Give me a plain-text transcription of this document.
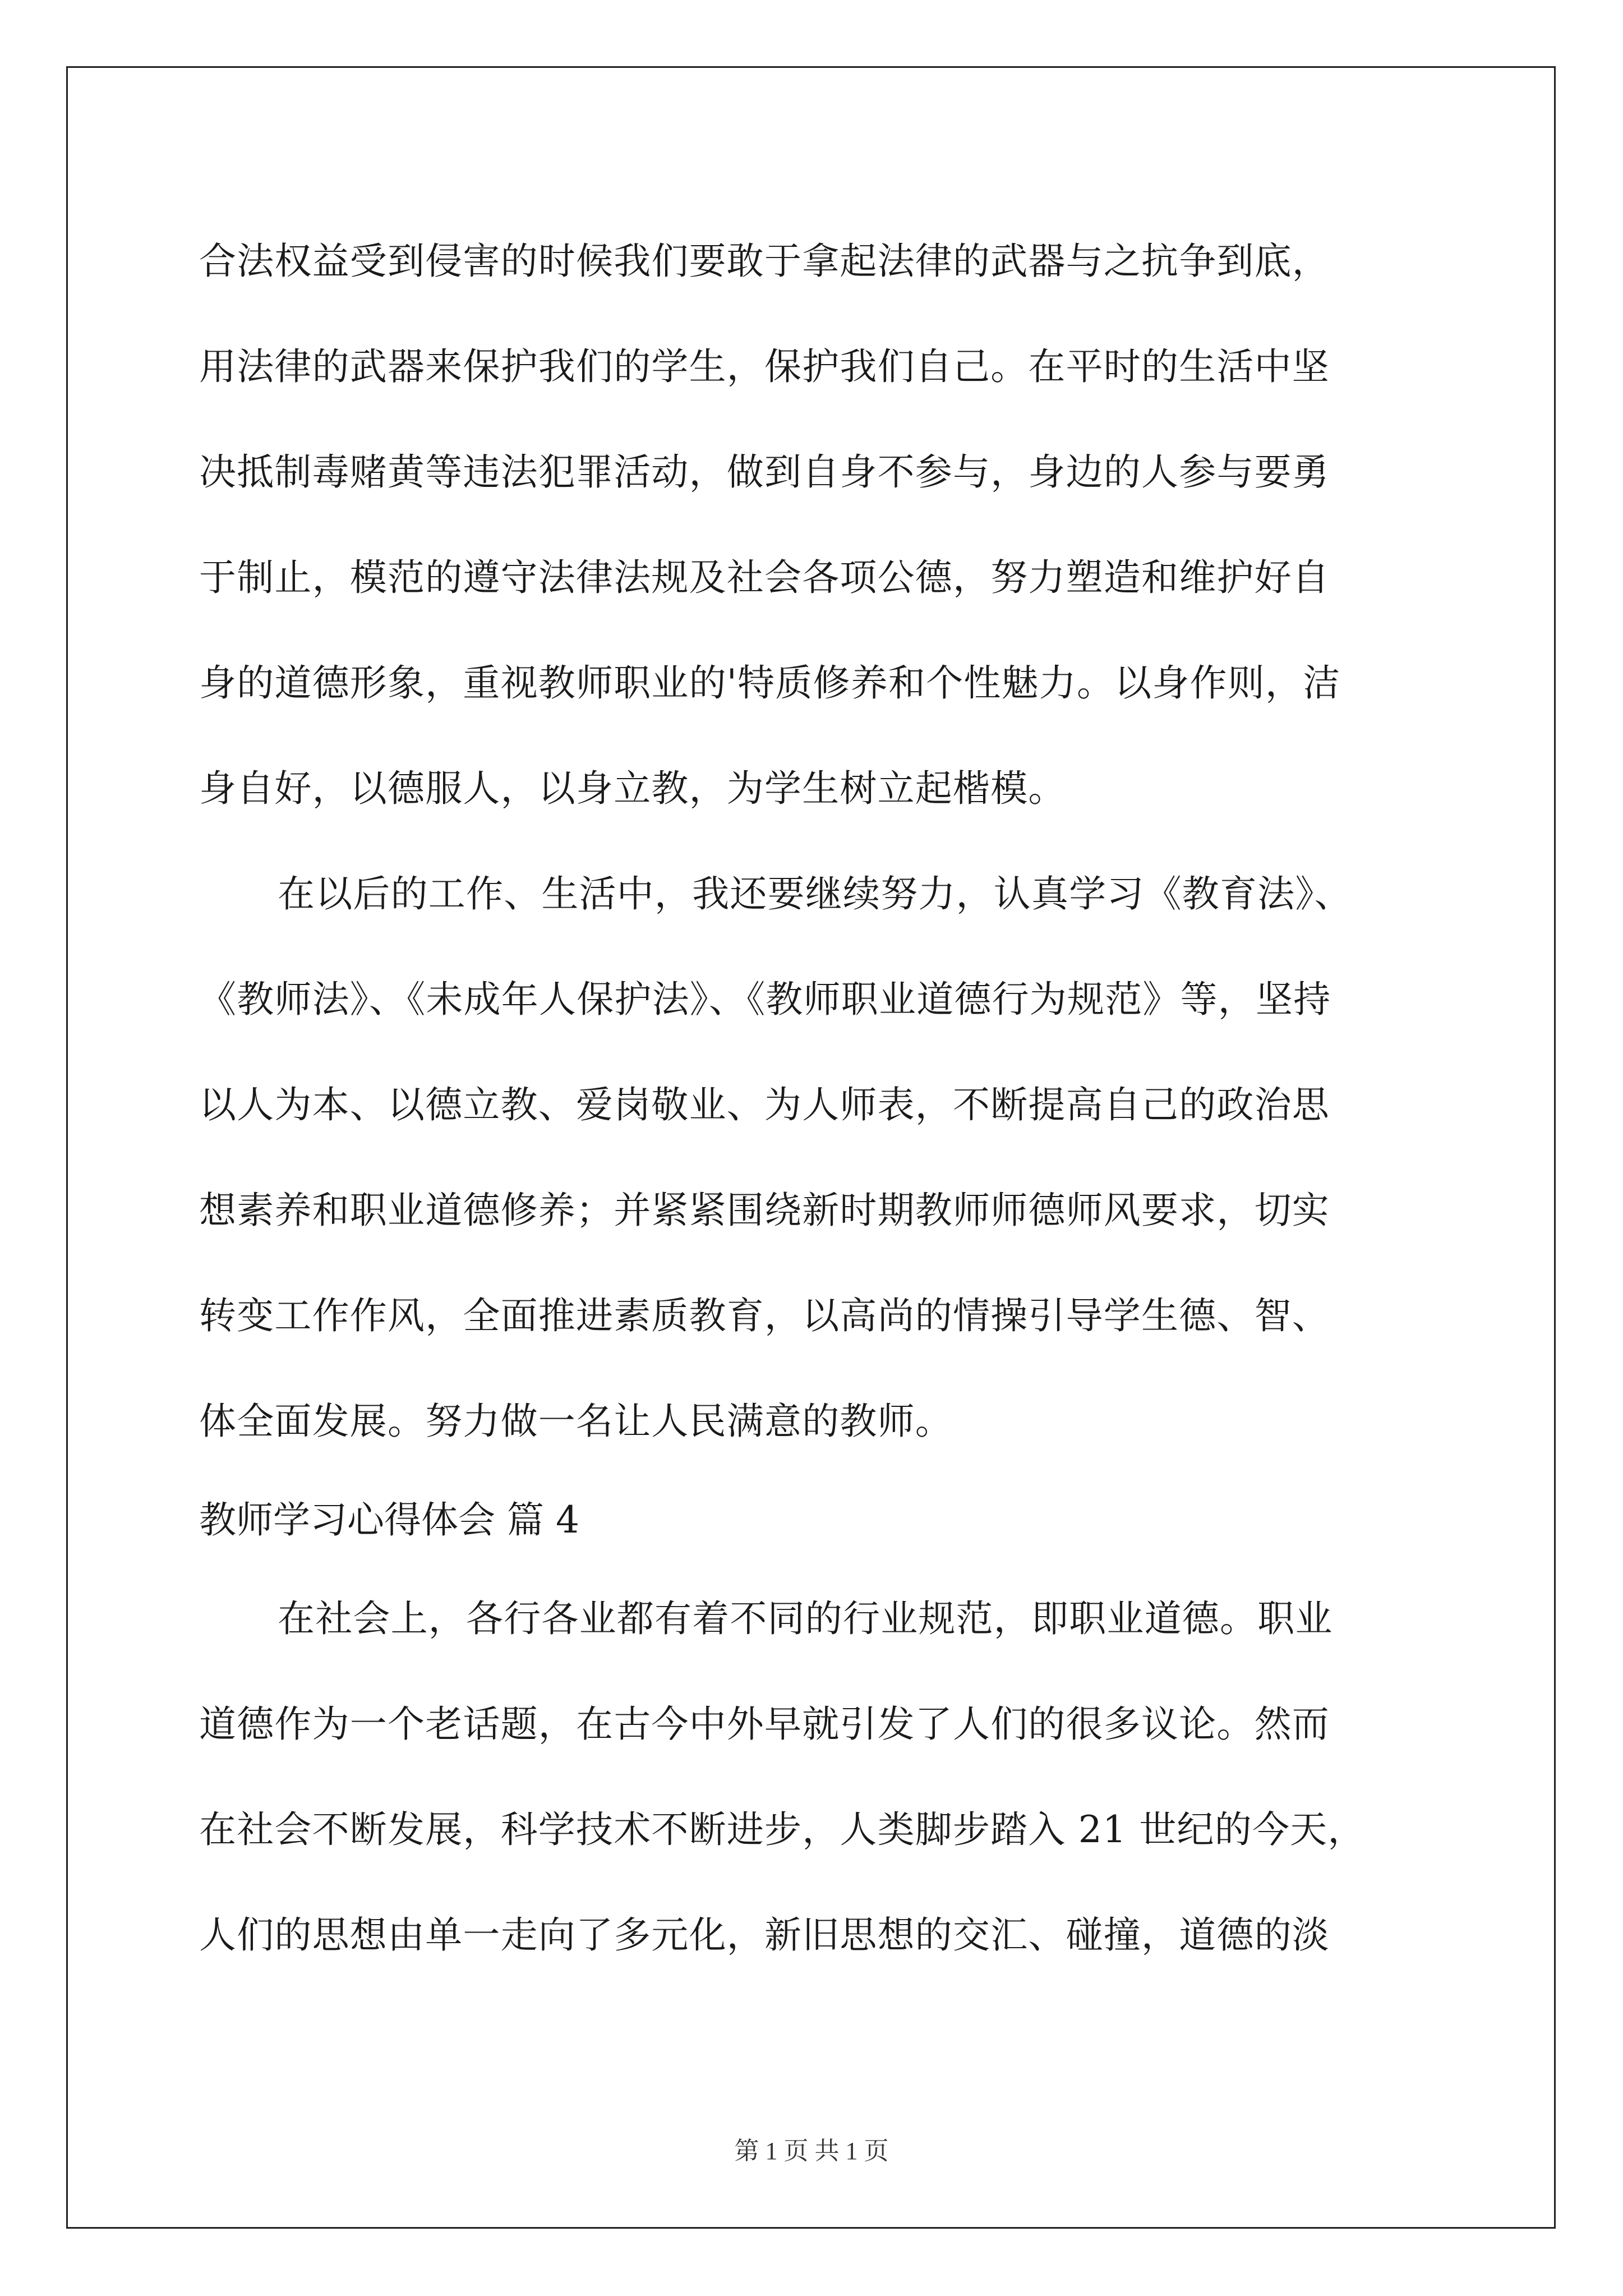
合法权益受到侵害的时候我们要敢于拿起法律的武器与之抗争到底，
用法律的武器来保护我们的学生，保护我们自己。在平时的生活中坚
决抵制毒赌黄等违法犯罪活动，做到自身不参与，身边的人参与要勇
于制止，模范的遵守法律法规及社会各项公德，努力塑造和维护好自
身的道德形象，重视教师职业的'特质修养和个性魅力。以身作则，洁
身自好，以德服人，以身立教，为学生树立起楷模。
在以后的工作、生活中，我还要继续努力，认真学习《教育法》、
《教师法》、《未成年人保护法》、《教师职业道德行为规范》等，坚持
以人为本、以德立教、爱岗敬业、为人师表，不断提高自己的政治思
想素养和职业道德修养；并紧紧围绕新时期教师师德师风要求，切实
转变工作作风，全面推进素质教育，以高尚的情操引导学生德、智、
体全面发展。努力做一名让人民满意的教师。
教师学习心得体会 篇 4
在社会上，各行各业都有着不同的行业规范，即职业道德。职业
道德作为一个老话题，在古今中外早就引发了人们的很多议论。然而
在社会不断发展，科学技术不断进步，人类脚步踏入 21 世纪的今天，
人们的思想由单一走向了多元化，新旧思想的交汇、碰撞，道德的淡
第 1 页 共 1 页
